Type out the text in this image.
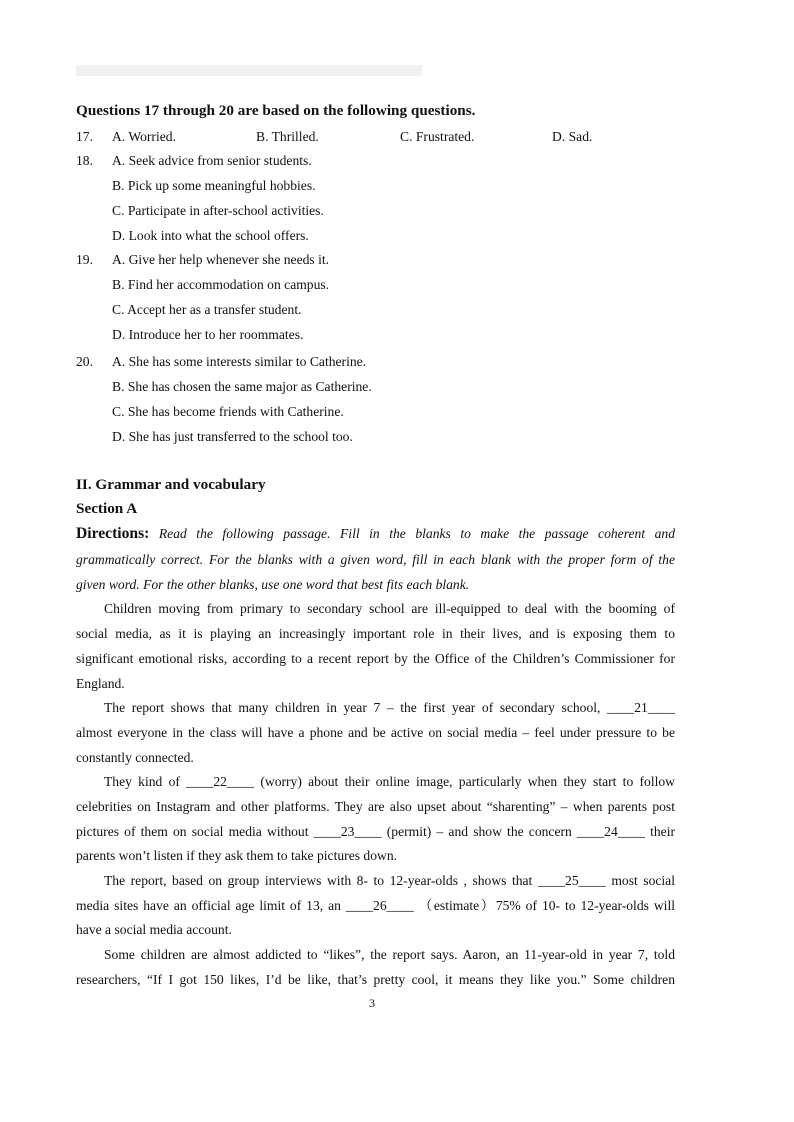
Questions 17 through 20 are based on the following questions.
17. A. Worried.	B. Thrilled.	C. Frustrated.	D. Sad.
18. A. Seek advice from senior students.
B. Pick up some meaningful hobbies.
C. Participate in after-school activities.
D. Look into what the school offers.
19. A. Give her help whenever she needs it.
B. Find her accommodation on campus.
C. Accept her as a transfer student.
D. Introduce her to her roommates.
20. A. She has some interests similar to Catherine.
B. She has chosen the same major as Catherine.
C. She has become friends with Catherine.
D. She has just transferred to the school too.
II. Grammar and vocabulary
Section A
Directions: Read the following passage. Fill in the blanks to make the passage coherent and
grammatically correct. For the blanks with a given word, fill in each blank with the proper form of the
given word. For the other blanks, use one word that best fits each blank.
Children moving from primary to secondary school are ill-equipped to deal with the booming of
social media, as it is playing an increasingly important role in their lives, and is exposing them to
significant emotional risks, according to a recent report by the Office of the Children’s Commissioner for
England.
The report shows that many children in year 7 – the first year of secondary school, ____21____
almost everyone in the class will have a phone and be active on social media – feel under pressure to be
constantly connected.
They kind of ____22____ (worry) about their online image, particularly when they start to follow
celebrities on Instagram and other platforms. They are also upset about “sharenting” – when parents post
pictures of them on social media without ____23____ (permit) – and show the concern ____24____ their
parents won’t listen if they ask them to take pictures down.
The report, based on group interviews with 8- to 12-year-olds , shows that ____25____ most social
media sites have an official age limit of 13, an ____26____ （estimate）75% of 10- to 12-year-olds will
have a social media account.
Some children are almost addicted to “likes”, the report says. Aaron, an 11-year-old in year 7, told
researchers, “If I got 150 likes, I’d be like, that’s pretty cool, it means they like you.” Some children
3
